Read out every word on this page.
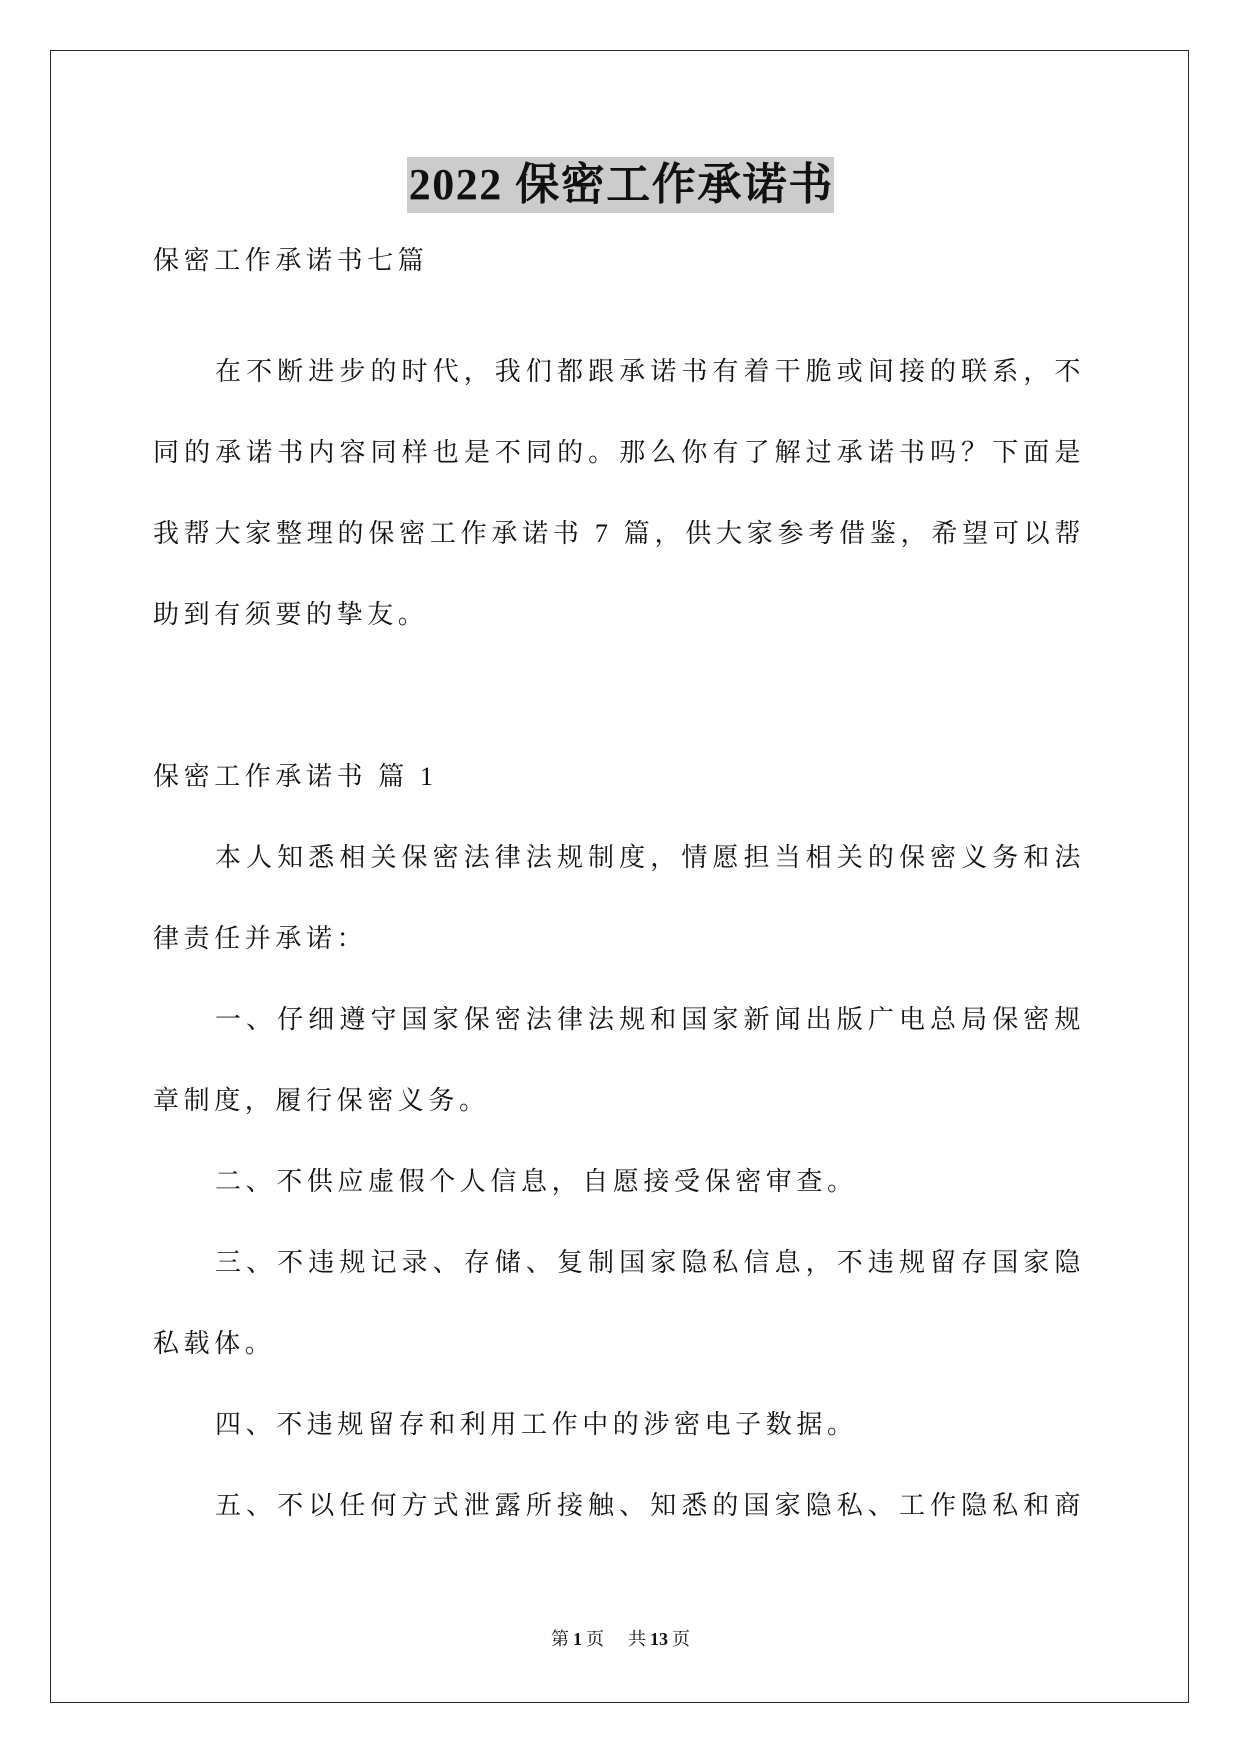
2022 保密工作承诺书
保密工作承诺书七篇
在不断进步的时代，我们都跟承诺书有着干脆或间接的联系，不
同的承诺书内容同样也是不同的。那么你有了解过承诺书吗？下面是
我帮大家整理的保密工作承诺书 7 篇，供大家参考借鉴，希望可以帮
助到有须要的挚友。
保密工作承诺书 篇 1
本人知悉相关保密法律法规制度，情愿担当相关的保密义务和法
律责任并承诺：
一、仔细遵守国家保密法律法规和国家新闻出版广电总局保密规
章制度，履行保密义务。
二、不供应虚假个人信息，自愿接受保密审查。
三、不违规记录、存储、复制国家隐私信息，不违规留存国家隐
私载体。
四、不违规留存和利用工作中的涉密电子数据。
五、不以任何方式泄露所接触、知悉的国家隐私、工作隐私和商
第 1 页 共 13 页
